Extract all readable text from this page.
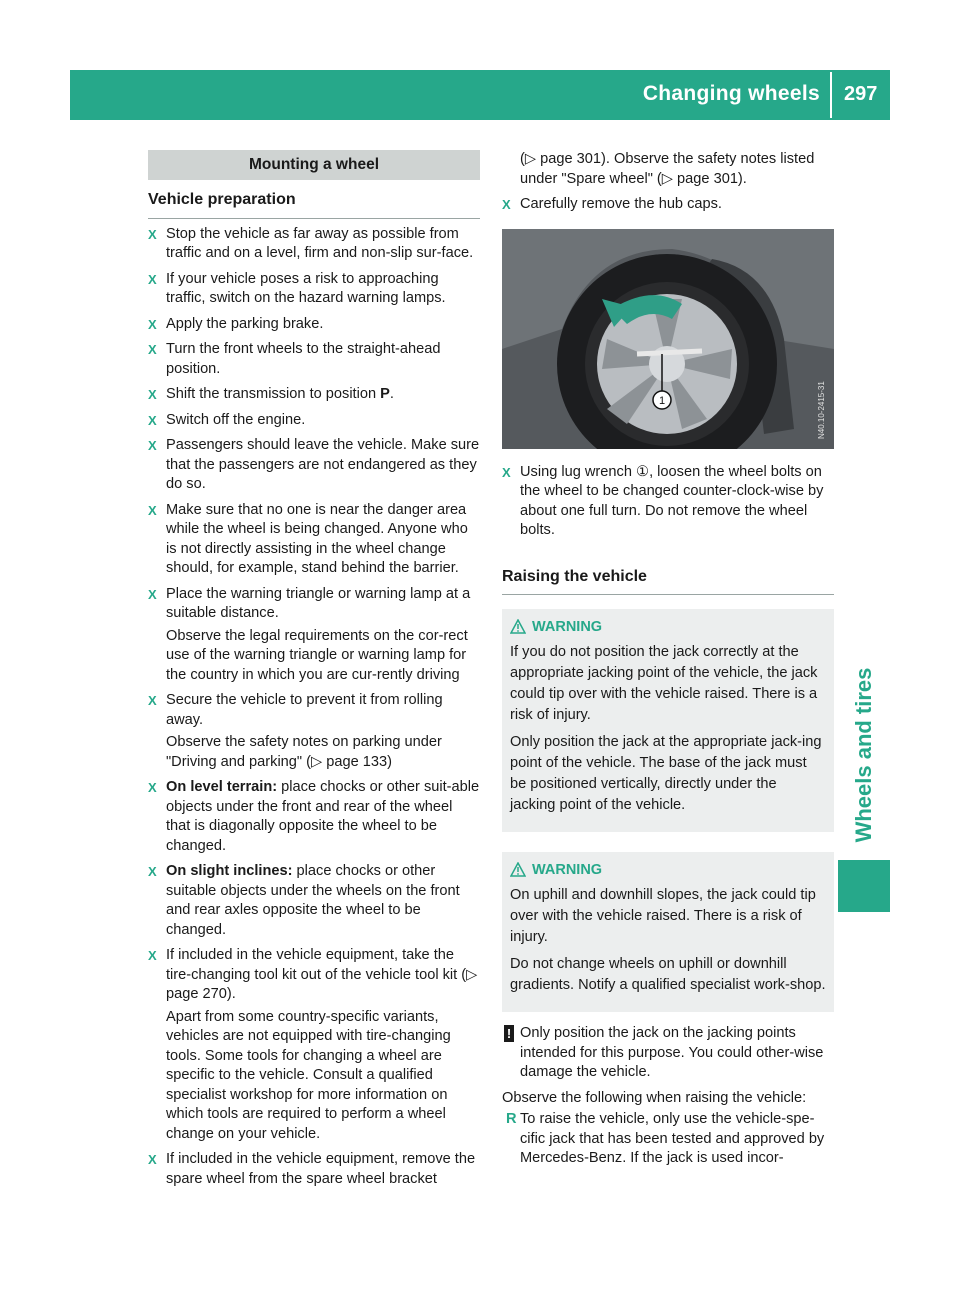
Changing wheels 297
Wheels and tires
Mounting a wheel
Vehicle preparation
X Stop the vehicle as far away as possible from traffic and on a level, firm and non-slip sur-face.

X If your vehicle poses a risk to approaching traffic, switch on the hazard warning lamps.

X Apply the parking brake.

X Turn the front wheels to the straight-ahead position.

X Shift the transmission to position P.

X Switch off the engine.

X Passengers should leave the vehicle. Make sure that the passengers are not endangered as they do so.

X Make sure that no one is near the danger area while the wheel is being changed. Anyone who is not directly assisting in the wheel change should, for example, stand behind the barrier.

X Place the warning triangle or warning lamp at a suitable distance.

Observe the legal requirements on the cor-rect use of the warning triangle or warning lamp for the country in which you are cur-rently driving

X Secure the vehicle to prevent it from rolling away.

Observe the safety notes on parking under "Driving and parking" (▷ page 133)

X On level terrain: place chocks or other suit-able objects under the front and rear of the wheel that is diagonally opposite the wheel to be changed.

X On slight inclines: place chocks or other suitable objects under the wheels on the front and rear axles opposite the wheel to be changed.

X If included in the vehicle equipment, take the tire-changing tool kit out of the vehicle tool kit (▷ page 270).

Apart from some country-specific variants, vehicles are not equipped with tire-changing tools. Some tools for changing a wheel are specific to the vehicle. Consult a qualified specialist workshop for more information on which tools are required to perform a wheel change on your vehicle.

X If included in the vehicle equipment, remove the spare wheel from the spare wheel bracket

(▷ page 301). Observe the safety notes listed under "Spare wheel" (▷ page 301).
X Carefully remove the hub caps.

1	N40.10-2415-31
X Using lug wrench ①, loosen the wheel bolts on the wheel to be changed counter-clock-wise by about one full turn. Do not remove the wheel bolts.

Raising the vehicle
WARNING

If you do not position the jack correctly at the appropriate jacking point of the vehicle, the jack could tip over with the vehicle raised. There is a risk of injury.

Only position the jack at the appropriate jack-ing point of the vehicle. The base of the jack must be positioned vertically, directly under the jacking point of the vehicle.

WARNING

On uphill and downhill slopes, the jack could tip over with the vehicle raised. There is a risk of injury.

Do not change wheels on uphill or downhill gradients. Notify a qualified specialist work-shop.

! Only position the jack on the jacking points intended for this purpose. You could other-wise damage the vehicle.
Observe the following when raising the vehicle:
R To raise the vehicle, only use the vehicle-spe-cific jack that has been tested and approved by Mercedes-Benz. If the jack is used incor-
